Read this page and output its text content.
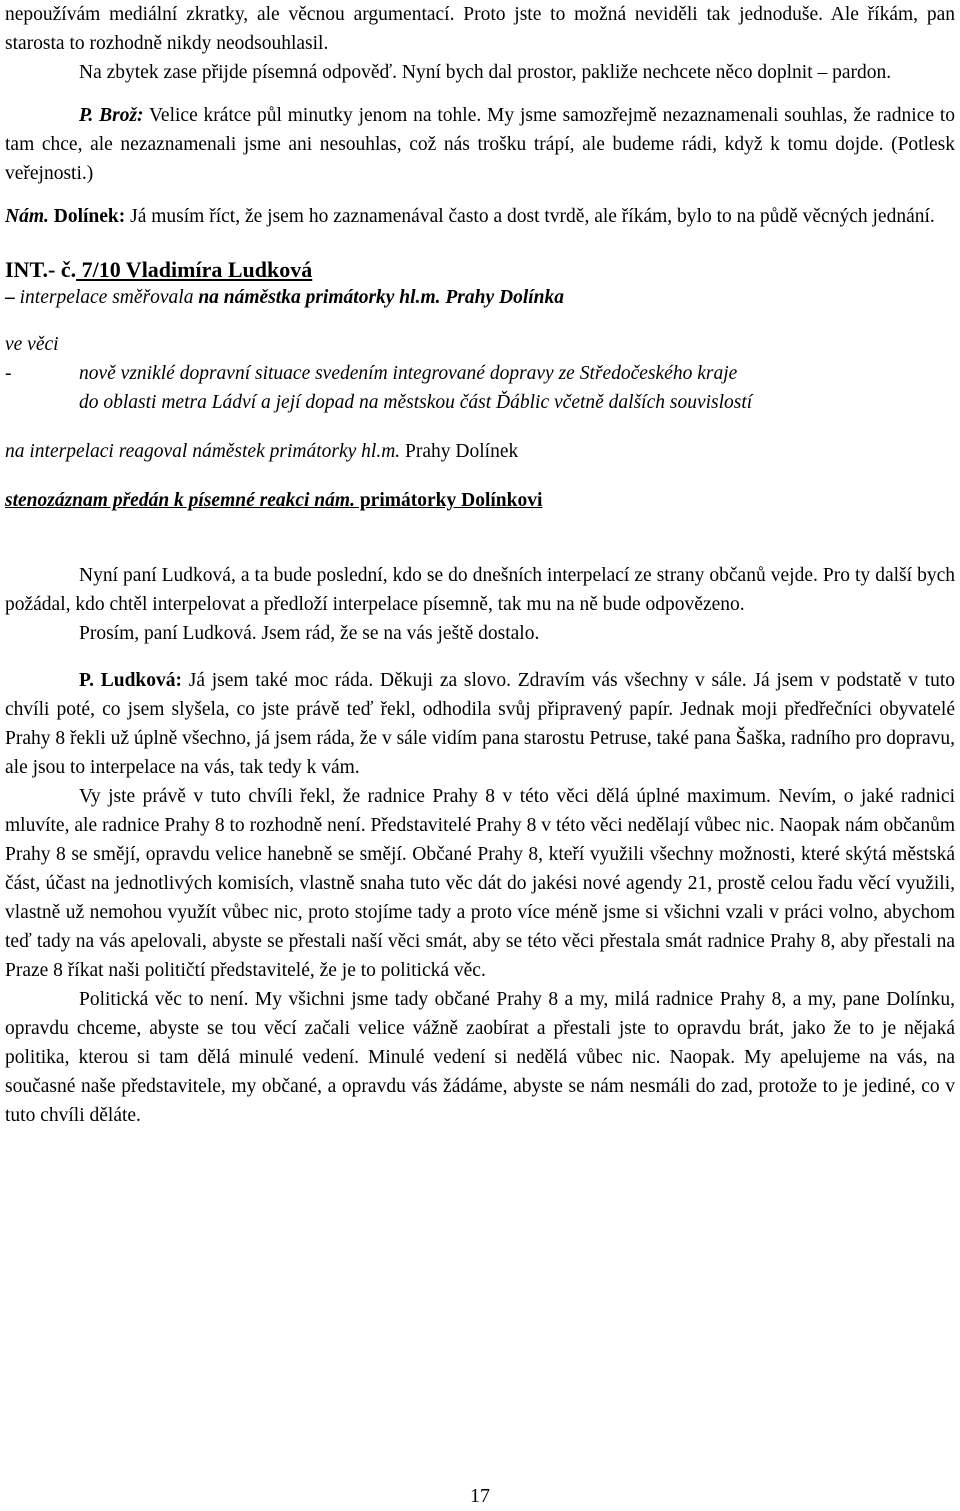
nepoužívám mediální zkratky, ale věcnou argumentací. Proto jste to možná neviděli tak jednoduše. Ale říkám, pan starosta to rozhodně nikdy neodsouhlasil.

Na zbytek zase přijde písemná odpověď. Nyní bych dal prostor, pakliže nechcete něco doplnit – pardon.

P. Brož: Velice krátce půl minutky jenom na tohle. My jsme samozřejmě nezaznamenali souhlas, že radnice to tam chce, ale nezaznamenali jsme ani nesouhlas, což nás trošku trápí, ale budeme rádi, když k tomu dojde. (Potlesk veřejnosti.)

Nám. Dolínek: Já musím říct, že jsem ho zaznamenával často a dost tvrdě, ale říkám, bylo to na půdě věcných jednání.

INT.- č. 7/10 Vladimíra Ludková

– interpelace směřovala na náměstka primátorky hl.m. Prahy Dolínka

ve věci

-	nově vzniklé dopravní situace svedením integrované dopravy ze Středočeského kraje
do oblasti metra Ládví a její dopad na městskou část Ďáblic včetně dalších souvislostí

na interpelaci reagoval náměstek primátorky hl.m. Prahy Dolínek

stenozáznam předán k písemné reakci nám. primátorky Dolínkovi

Nyní paní Ludková, a ta bude poslední, kdo se do dnešních interpelací ze strany občanů vejde. Pro ty další bych požádal, kdo chtěl interpelovat a předloží interpelace písemně, tak mu na ně bude odpovězeno.

Prosím, paní Ludková. Jsem rád, že se na vás ještě dostalo.

P. Ludková: Já jsem také moc ráda. Děkuji za slovo. Zdravím vás všechny v sále. Já jsem v podstatě v tuto chvíli poté, co jsem slyšela, co jste právě teď řekl, odhodila svůj připravený papír. Jednak moji předřečníci obyvatelé Prahy 8 řekli už úplně všechno, já jsem ráda, že v sále vidím pana starostu Petruse, také pana Šaška, radního pro dopravu, ale jsou to interpelace na vás, tak tedy k vám.

Vy jste právě v tuto chvíli řekl, že radnice Prahy 8 v této věci dělá úplné maximum. Nevím, o jaké radnici mluvíte, ale radnice Prahy 8 to rozhodně není. Představitelé Prahy 8 v této věci nedělají vůbec nic. Naopak nám občanům Prahy 8 se smějí, opravdu velice hanebně se smějí. Občané Prahy 8, kteří využili všechny možnosti, které skýtá městská část, účast na jednotlivých komisích, vlastně snaha tuto věc dát do jakési nové agendy 21, prostě celou řadu věcí využili, vlastně už nemohou využít vůbec nic, proto stojíme tady a proto více méně jsme si všichni vzali v práci volno, abychom teď tady na vás apelovali, abyste se přestali naší věci smát, aby se této věci přestala smát radnice Prahy 8, aby přestali na Praze 8 říkat naši političtí představitelé, že je to politická věc.

Politická věc to není. My všichni jsme tady občané Prahy 8 a my, milá radnice Prahy 8, a my, pane Dolínku, opravdu chceme, abyste se tou věcí začali velice vážně zaobírat a přestali jste to opravdu brát, jako že to je nějaká politika, kterou si tam dělá minulé vedení. Minulé vedení si nedělá vůbec nic. Naopak. My apelujeme na vás, na současné naše představitele, my občané, a opravdu vás žádáme, abyste se nám nesmáli do zad, protože to je jediné, co v tuto chvíli děláte.

17
